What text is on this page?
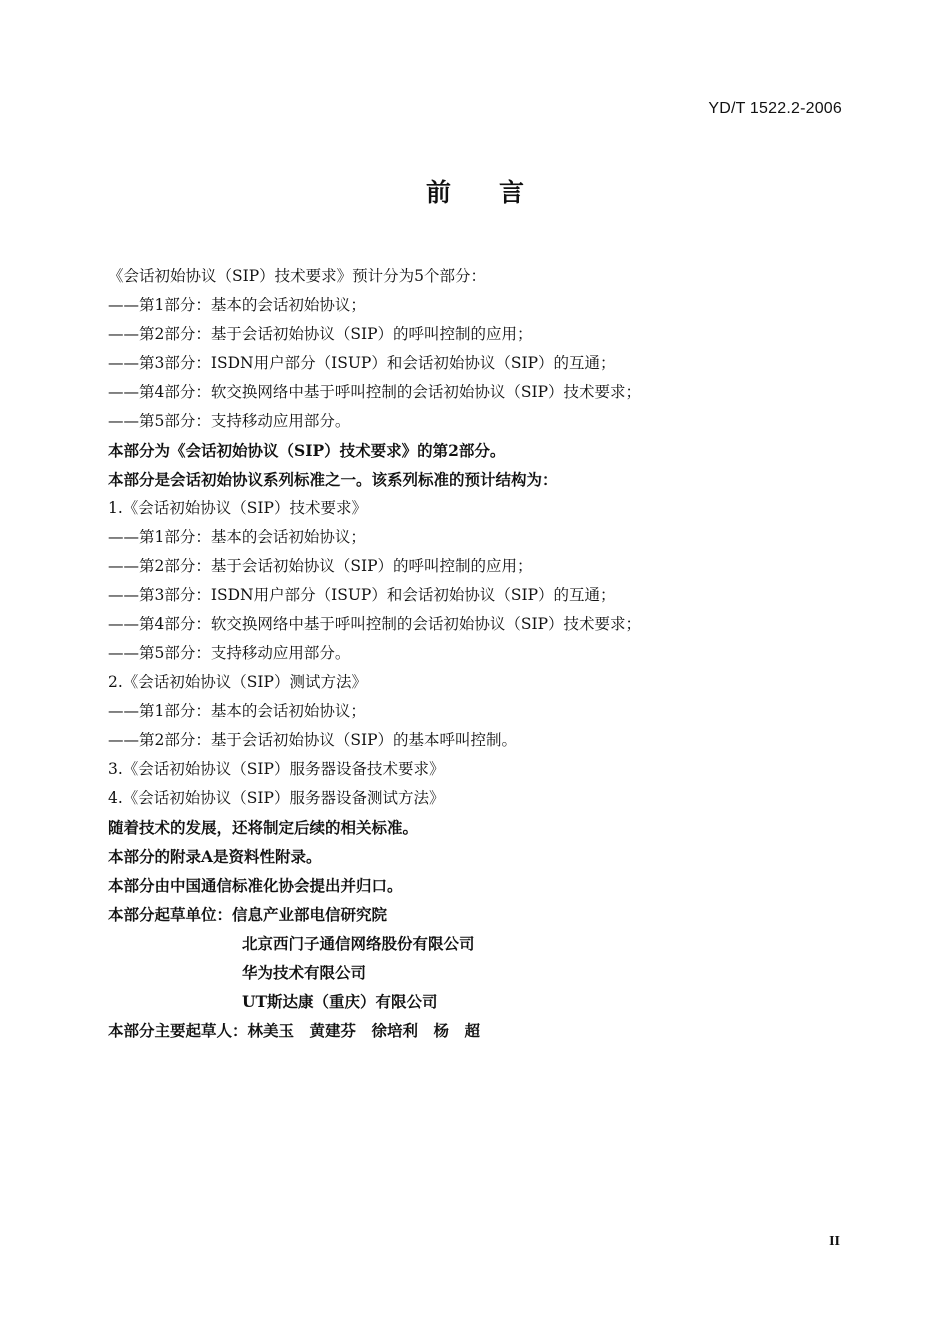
YD/T 1522.2-2006
前 言
《会话初始协议（SIP）技术要求》预计分为5个部分：
——第1部分：基本的会话初始协议；
——第2部分：基于会话初始协议（SIP）的呼叫控制的应用；
——第3部分：ISDN用户部分（ISUP）和会话初始协议（SIP）的互通；
——第4部分：软交换网络中基于呼叫控制的会话初始协议（SIP）技术要求；
——第5部分：支持移动应用部分。
本部分为《会话初始协议（SIP）技术要求》的第2部分。
本部分是会话初始协议系列标准之一。该系列标准的预计结构为：
1.《会话初始协议（SIP）技术要求》
——第1部分：基本的会话初始协议；
——第2部分：基于会话初始协议（SIP）的呼叫控制的应用；
——第3部分：ISDN用户部分（ISUP）和会话初始协议（SIP）的互通；
——第4部分：软交换网络中基于呼叫控制的会话初始协议（SIP）技术要求；
——第5部分：支持移动应用部分。
2.《会话初始协议（SIP）测试方法》
——第1部分：基本的会话初始协议；
——第2部分：基于会话初始协议（SIP）的基本呼叫控制。
3.《会话初始协议（SIP）服务器设备技术要求》
4.《会话初始协议（SIP）服务器设备测试方法》
随着技术的发展，还将制定后续的相关标准。
本部分的附录A是资料性附录。
本部分由中国通信标准化协会提出并归口。
本部分起草单位：信息产业部电信研究院
北京西门子通信网络股份有限公司
华为技术有限公司
UT斯达康（重庆）有限公司
本部分主要起草人：林美玉　黄建芬　徐培利　杨　超
II
